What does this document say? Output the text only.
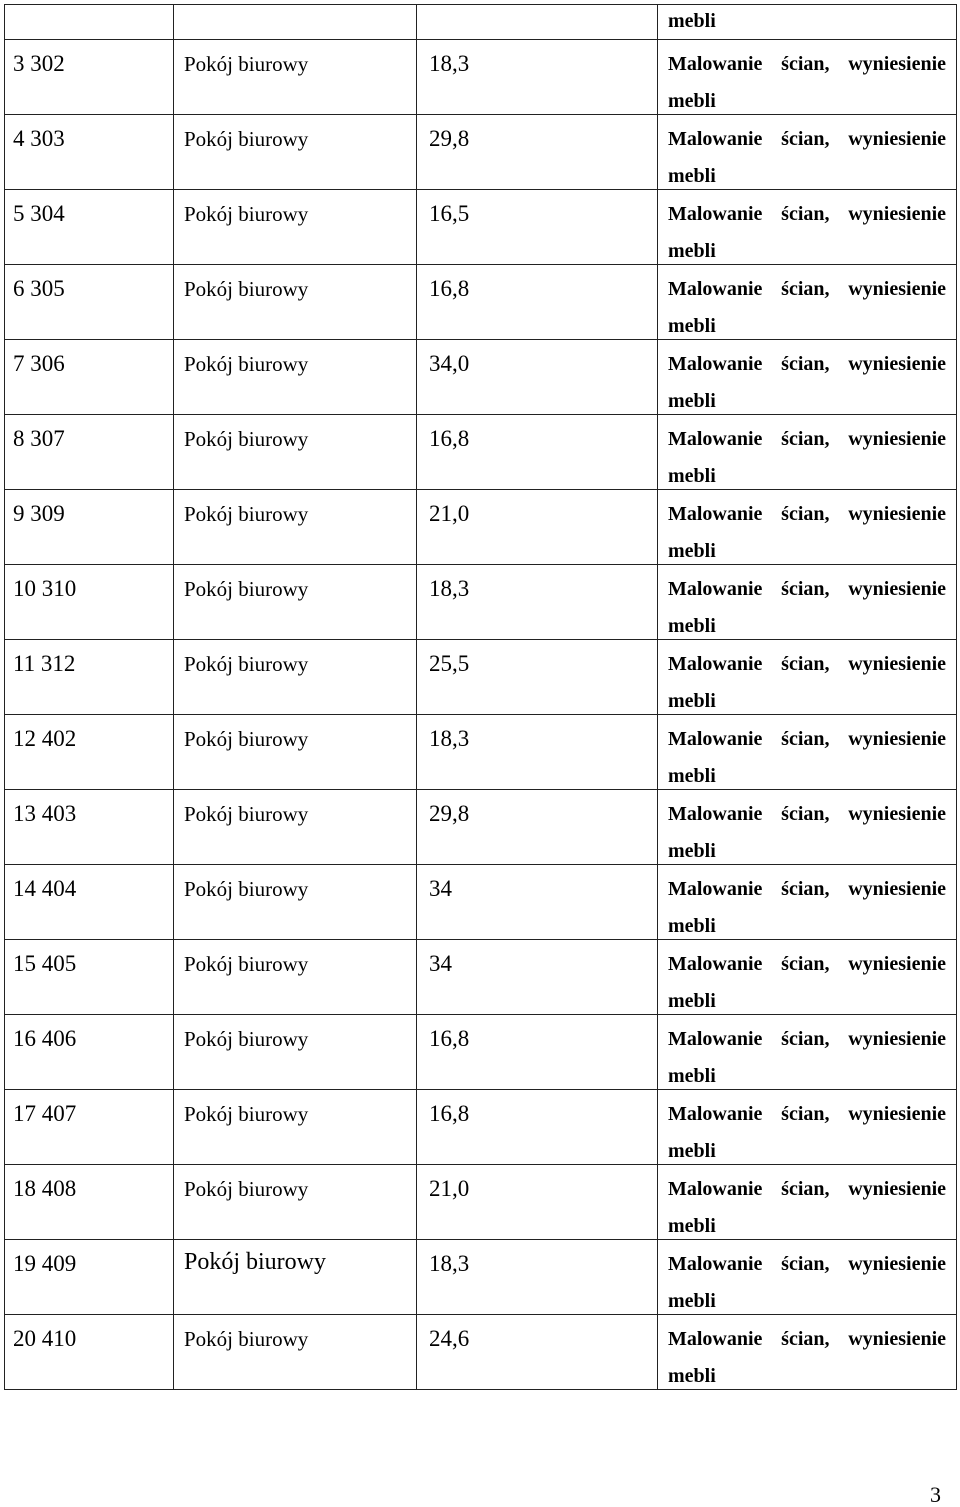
			mebli

3 302	Pokój biurowy	18,3	Malowanie ścian, wyniesienie
mebli

4 303	Pokój biurowy	29,8	Malowanie ścian, wyniesienie
mebli

5 304	Pokój biurowy	16,5	Malowanie ścian, wyniesienie
mebli

6 305	Pokój biurowy	16,8	Malowanie ścian, wyniesienie
mebli

7 306	Pokój biurowy	34,0	Malowanie ścian, wyniesienie
mebli

8 307	Pokój biurowy	16,8	Malowanie ścian, wyniesienie
mebli

9 309	Pokój biurowy	21,0	Malowanie ścian, wyniesienie
mebli

10 310	Pokój biurowy	18,3	Malowanie ścian, wyniesienie
mebli

11 312	Pokój biurowy	25,5	Malowanie ścian, wyniesienie
mebli

12 402	Pokój biurowy	18,3	Malowanie ścian, wyniesienie
mebli

13 403	Pokój biurowy	29,8	Malowanie ścian, wyniesienie
mebli

14 404	Pokój biurowy	34	Malowanie ścian, wyniesienie
mebli

15 405	Pokój biurowy	34	Malowanie ścian, wyniesienie
mebli

16 406	Pokój biurowy	16,8	Malowanie ścian, wyniesienie
mebli

17 407	Pokój biurowy	16,8	Malowanie ścian, wyniesienie
mebli

18 408	Pokój biurowy	21,0	Malowanie ścian, wyniesienie
mebli

19 409	Pokój biurowy	18,3	Malowanie ścian, wyniesienie
mebli

20 410	Pokój biurowy	24,6	Malowanie ścian, wyniesienie
mebli
3
